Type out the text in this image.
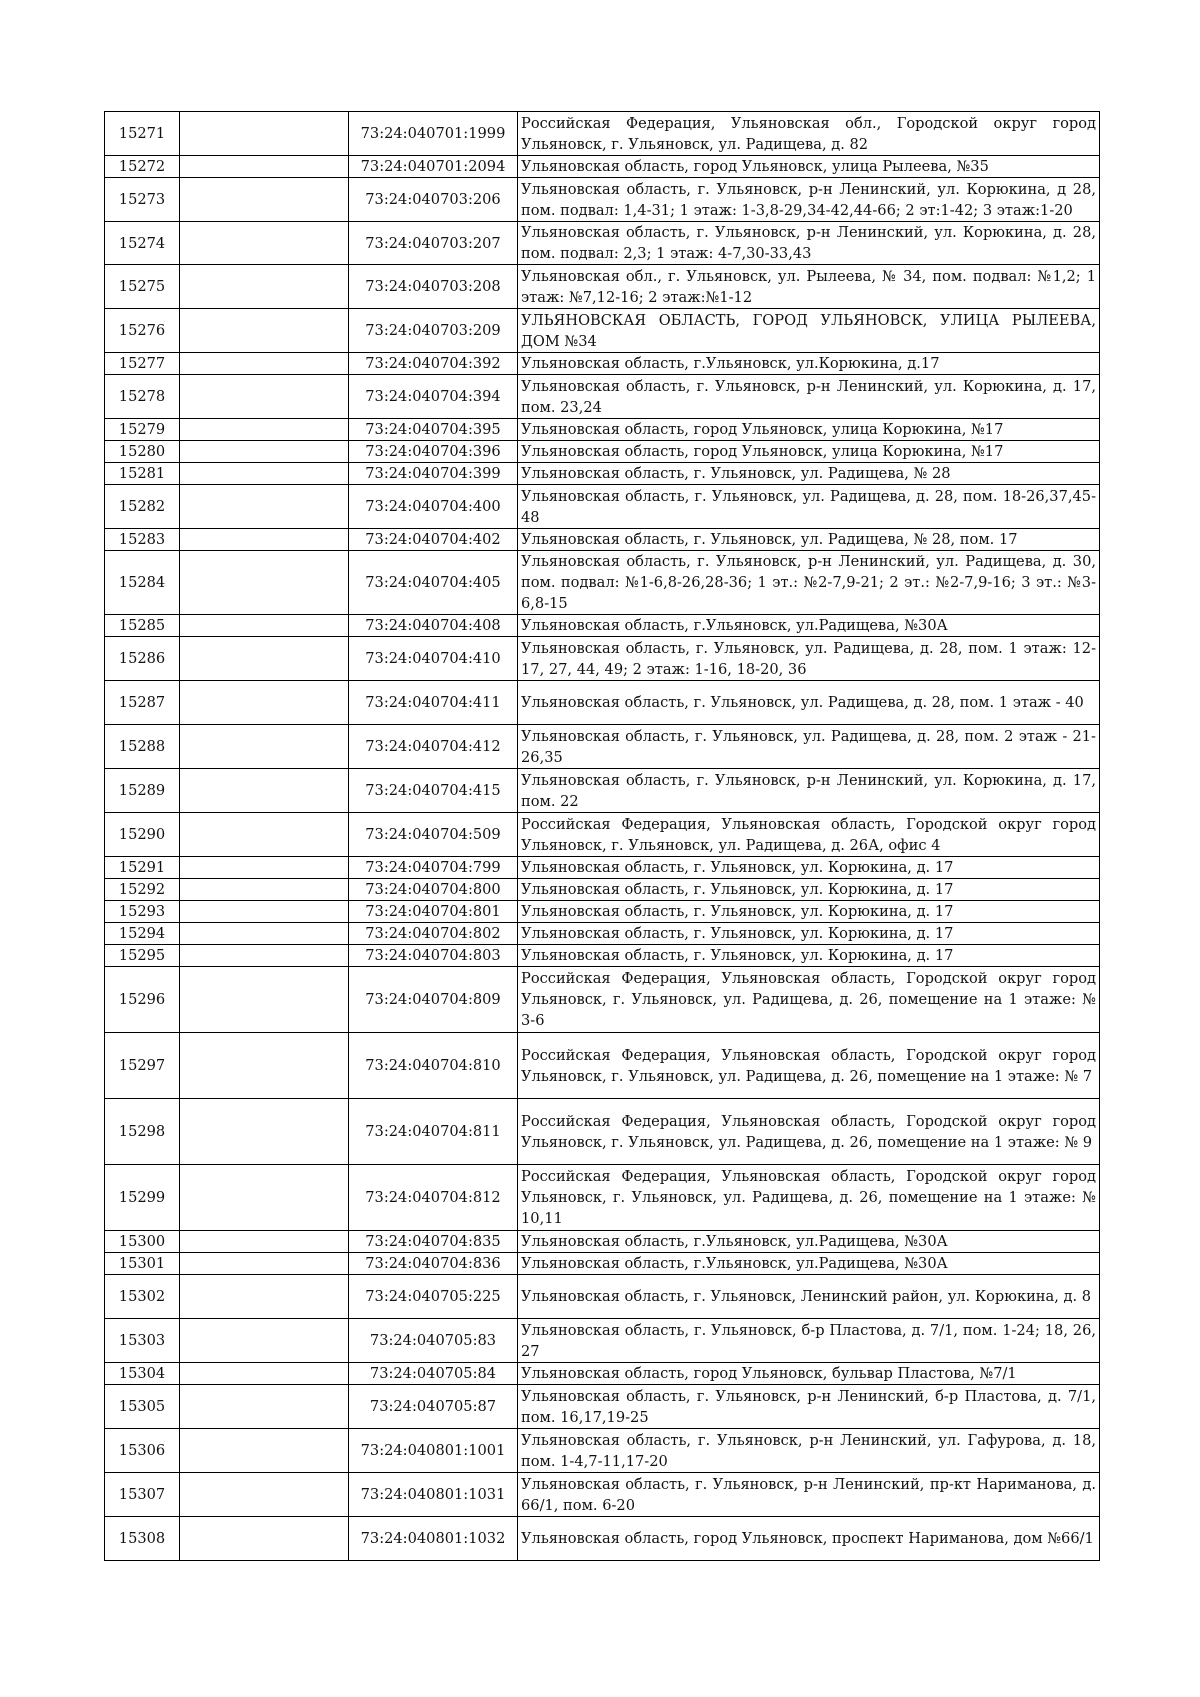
15271		73:24:040701:1999	Российская Федерация, Ульяновская обл., Городской округ город Ульяновск, г. Ульяновск, ул. Радищева, д. 82
15272		73:24:040701:2094	Ульяновская область, город Ульяновск, улица Рылеева, №35
15273		73:24:040703:206	Ульяновская область, г. Ульяновск, р-н Ленинский, ул. Корюкина, д 28, пом. подвал: 1,4-31; 1 этаж: 1-3,8-29,34-42,44-66; 2 эт:1-42; 3 этаж:1-20
15274		73:24:040703:207	Ульяновская область, г. Ульяновск, р-н Ленинский, ул. Корюкина, д. 28, пом. подвал: 2,3; 1 этаж: 4-7,30-33,43
15275		73:24:040703:208	Ульяновская обл., г. Ульяновск, ул. Рылеева, № 34, пом. подвал: №1,2; 1 этаж: №7,12-16; 2 этаж:№1-12
15276		73:24:040703:209	УЛЬЯНОВСКАЯ ОБЛАСТЬ, ГОРОД УЛЬЯНОВСК, УЛИЦА РЫЛЕЕВА, ДОМ №34
15277		73:24:040704:392	Ульяновская область, г.Ульяновск, ул.Корюкина, д.17
15278		73:24:040704:394	Ульяновская область, г. Ульяновск, р-н Ленинский, ул. Корюкина, д. 17, пом. 23,24
15279		73:24:040704:395	Ульяновская область, город Ульяновск, улица Корюкина, №17
15280		73:24:040704:396	Ульяновская область, город Ульяновск, улица Корюкина, №17
15281		73:24:040704:399	Ульяновская область, г. Ульяновск, ул. Радищева, № 28
15282		73:24:040704:400	Ульяновская область, г. Ульяновск, ул. Радищева, д. 28, пом. 18-26,37,45-48
15283		73:24:040704:402	Ульяновская область, г. Ульяновск, ул. Радищева, № 28, пом. 17
15284		73:24:040704:405	Ульяновская область, г. Ульяновск, р-н Ленинский, ул. Радищева, д. 30, пом. подвал: №1-6,8-26,28-36; 1 эт.: №2-7,9-21; 2 эт.: №2-7,9-16; 3 эт.: №3-6,8-15
15285		73:24:040704:408	Ульяновская область, г.Ульяновск, ул.Радищева, №30А
15286		73:24:040704:410	Ульяновская область, г. Ульяновск, ул. Радищева, д. 28, пом. 1 этаж: 12-17, 27, 44, 49; 2 этаж: 1-16, 18-20, 36
15287		73:24:040704:411	Ульяновская область, г. Ульяновск, ул. Радищева, д. 28, пом. 1 этаж - 40
15288		73:24:040704:412	Ульяновская область, г. Ульяновск, ул. Радищева, д. 28, пом. 2 этаж - 21-26,35
15289		73:24:040704:415	Ульяновская область, г. Ульяновск, р-н Ленинский, ул. Корюкина, д. 17, пом. 22
15290		73:24:040704:509	Российская Федерация, Ульяновская область, Городской округ город Ульяновск, г. Ульяновск, ул. Радищева, д. 26А, офис 4
15291		73:24:040704:799	Ульяновская область, г. Ульяновск, ул. Корюкина, д. 17
15292		73:24:040704:800	Ульяновская область, г. Ульяновск, ул. Корюкина, д. 17
15293		73:24:040704:801	Ульяновская область, г. Ульяновск, ул. Корюкина, д. 17
15294		73:24:040704:802	Ульяновская область, г. Ульяновск, ул. Корюкина, д. 17
15295		73:24:040704:803	Ульяновская область, г. Ульяновск, ул. Корюкина, д. 17
15296		73:24:040704:809	Российская Федерация, Ульяновская область, Городской округ город Ульяновск, г. Ульяновск, ул. Радищева, д. 26, помещение на 1 этаже: № 3-6
15297		73:24:040704:810	Российская Федерация, Ульяновская область, Городской округ город Ульяновск, г. Ульяновск, ул. Радищева, д. 26, помещение на 1 этаже: № 7
15298		73:24:040704:811	Российская Федерация, Ульяновская область, Городской округ город Ульяновск, г. Ульяновск, ул. Радищева, д. 26, помещение на 1 этаже: № 9
15299		73:24:040704:812	Российская Федерация, Ульяновская область, Городской округ город Ульяновск, г. Ульяновск, ул. Радищева, д. 26, помещение на 1 этаже: № 10,11
15300		73:24:040704:835	Ульяновская область, г.Ульяновск, ул.Радищева, №30А
15301		73:24:040704:836	Ульяновская область, г.Ульяновск, ул.Радищева, №30А
15302		73:24:040705:225	Ульяновская область, г. Ульяновск, Ленинский район, ул. Корюкина, д. 8
15303		73:24:040705:83	Ульяновская область, г. Ульяновск, б-р Пластова, д. 7/1, пом. 1-24; 18, 26, 27
15304		73:24:040705:84	Ульяновская область, город Ульяновск, бульвар Пластова, №7/1
15305		73:24:040705:87	Ульяновская область, г. Ульяновск, р-н Ленинский, б-р Пластова, д. 7/1, пом. 16,17,19-25
15306		73:24:040801:1001	Ульяновская область, г. Ульяновск, р-н Ленинский, ул. Гафурова, д. 18, пом. 1-4,7-11,17-20
15307		73:24:040801:1031	Ульяновская область, г. Ульяновск, р-н Ленинский, пр-кт Нариманова, д. 66/1, пом. 6-20
15308		73:24:040801:1032	Ульяновская область, город Ульяновск, проспект Нариманова, дом №66/1
